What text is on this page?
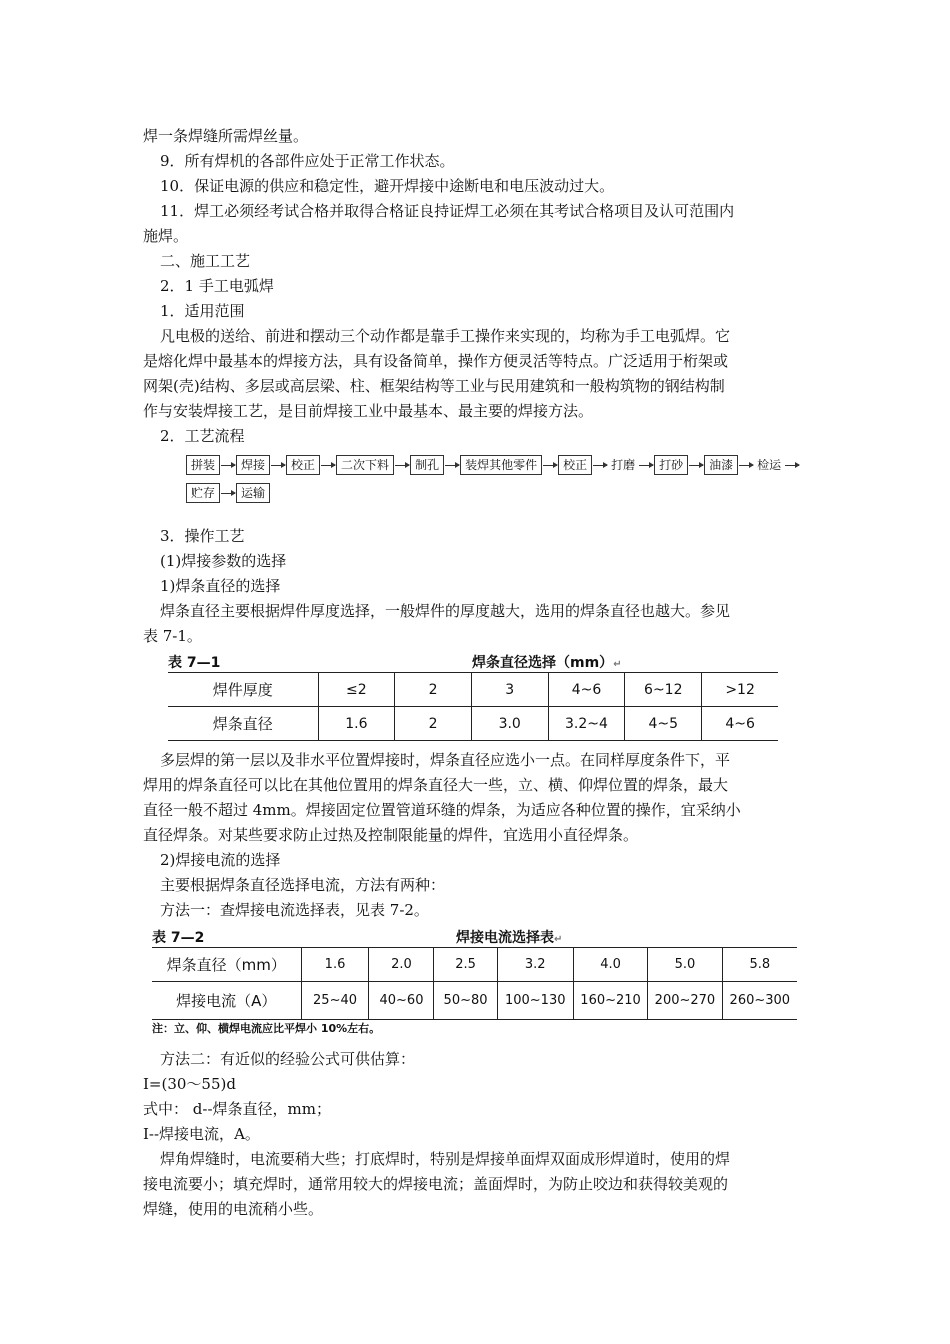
焊一条焊缝所需焊丝量。
9．所有焊机的各部件应处于正常工作状态。
10．保证电源的供应和稳定性，避开焊接中途断电和电压波动过大。
11．焊工必须经考试合格并取得合格证良持证焊工必须在其考试合格项目及认可范围内
施焊。
二、施工工艺
2．1 手工电弧焊
1．适用范围
凡电极的送给、前进和摆动三个动作都是靠手工操作来实现的，均称为手工电弧焊。它
是熔化焊中最基本的焊接方法，具有设备简单，操作方便灵活等特点。广泛适用于桁架或
网架(壳)结构、多层或高层梁、柱、框架结构等工业与民用建筑和一般构筑物的钢结构制
作与安装焊接工艺，是目前焊接工业中最基本、最主要的焊接方法。
2．工艺流程
拼装	焊接	校正	二次下料	制孔	装焊其他零件	校正	打磨	打砂	油漆	检运
贮存	运输
3．操作工艺
(1)焊接参数的选择
1)焊条直径的选择
焊条直径主要根据焊件厚度选择，一般焊件的厚度越大，选用的焊条直径也越大。参见
表 7-1。
表 7—1	焊条直径选择（mm）↵
焊件厚度	≤2	2	3	4~6	6~12	>12
焊条直径	1.6	2	3.0	3.2~4	4~5	4~6
多层焊的第一层以及非水平位置焊接时，焊条直径应选小一点。在同样厚度条件下，平
焊用的焊条直径可以比在其他位置用的焊条直径大一些，立、横、仰焊位置的焊条，最大
直径一般不超过 4mm。焊接固定位置管道环缝的焊条，为适应各种位置的操作，宜采纳小
直径焊条。对某些要求防止过热及控制限能量的焊件，宜选用小直径焊条。
2)焊接电流的选择
主要根据焊条直径选择电流，方法有两种：
方法一：查焊接电流选择表，见表 7-2。
表 7—2	焊接电流选择表↵
焊条直径（mm）	1.6	2.0	2.5	3.2	4.0	5.0	5.8
焊接电流（A）	25~40	40~60	50~80	100~130	160~210	200~270	260~300
注：立、仰、横焊电流应比平焊小 10%左右。
方法二：有近似的经验公式可供估算：
I=(30～55)d
式中： d--焊条直径，mm；
I--焊接电流，A。
焊角焊缝时，电流要稍大些；打底焊时，特别是焊接单面焊双面成形焊道时，使用的焊
接电流要小；填充焊时，通常用较大的焊接电流；盖面焊时，为防止咬边和获得较美观的
焊缝，使用的电流稍小些。
